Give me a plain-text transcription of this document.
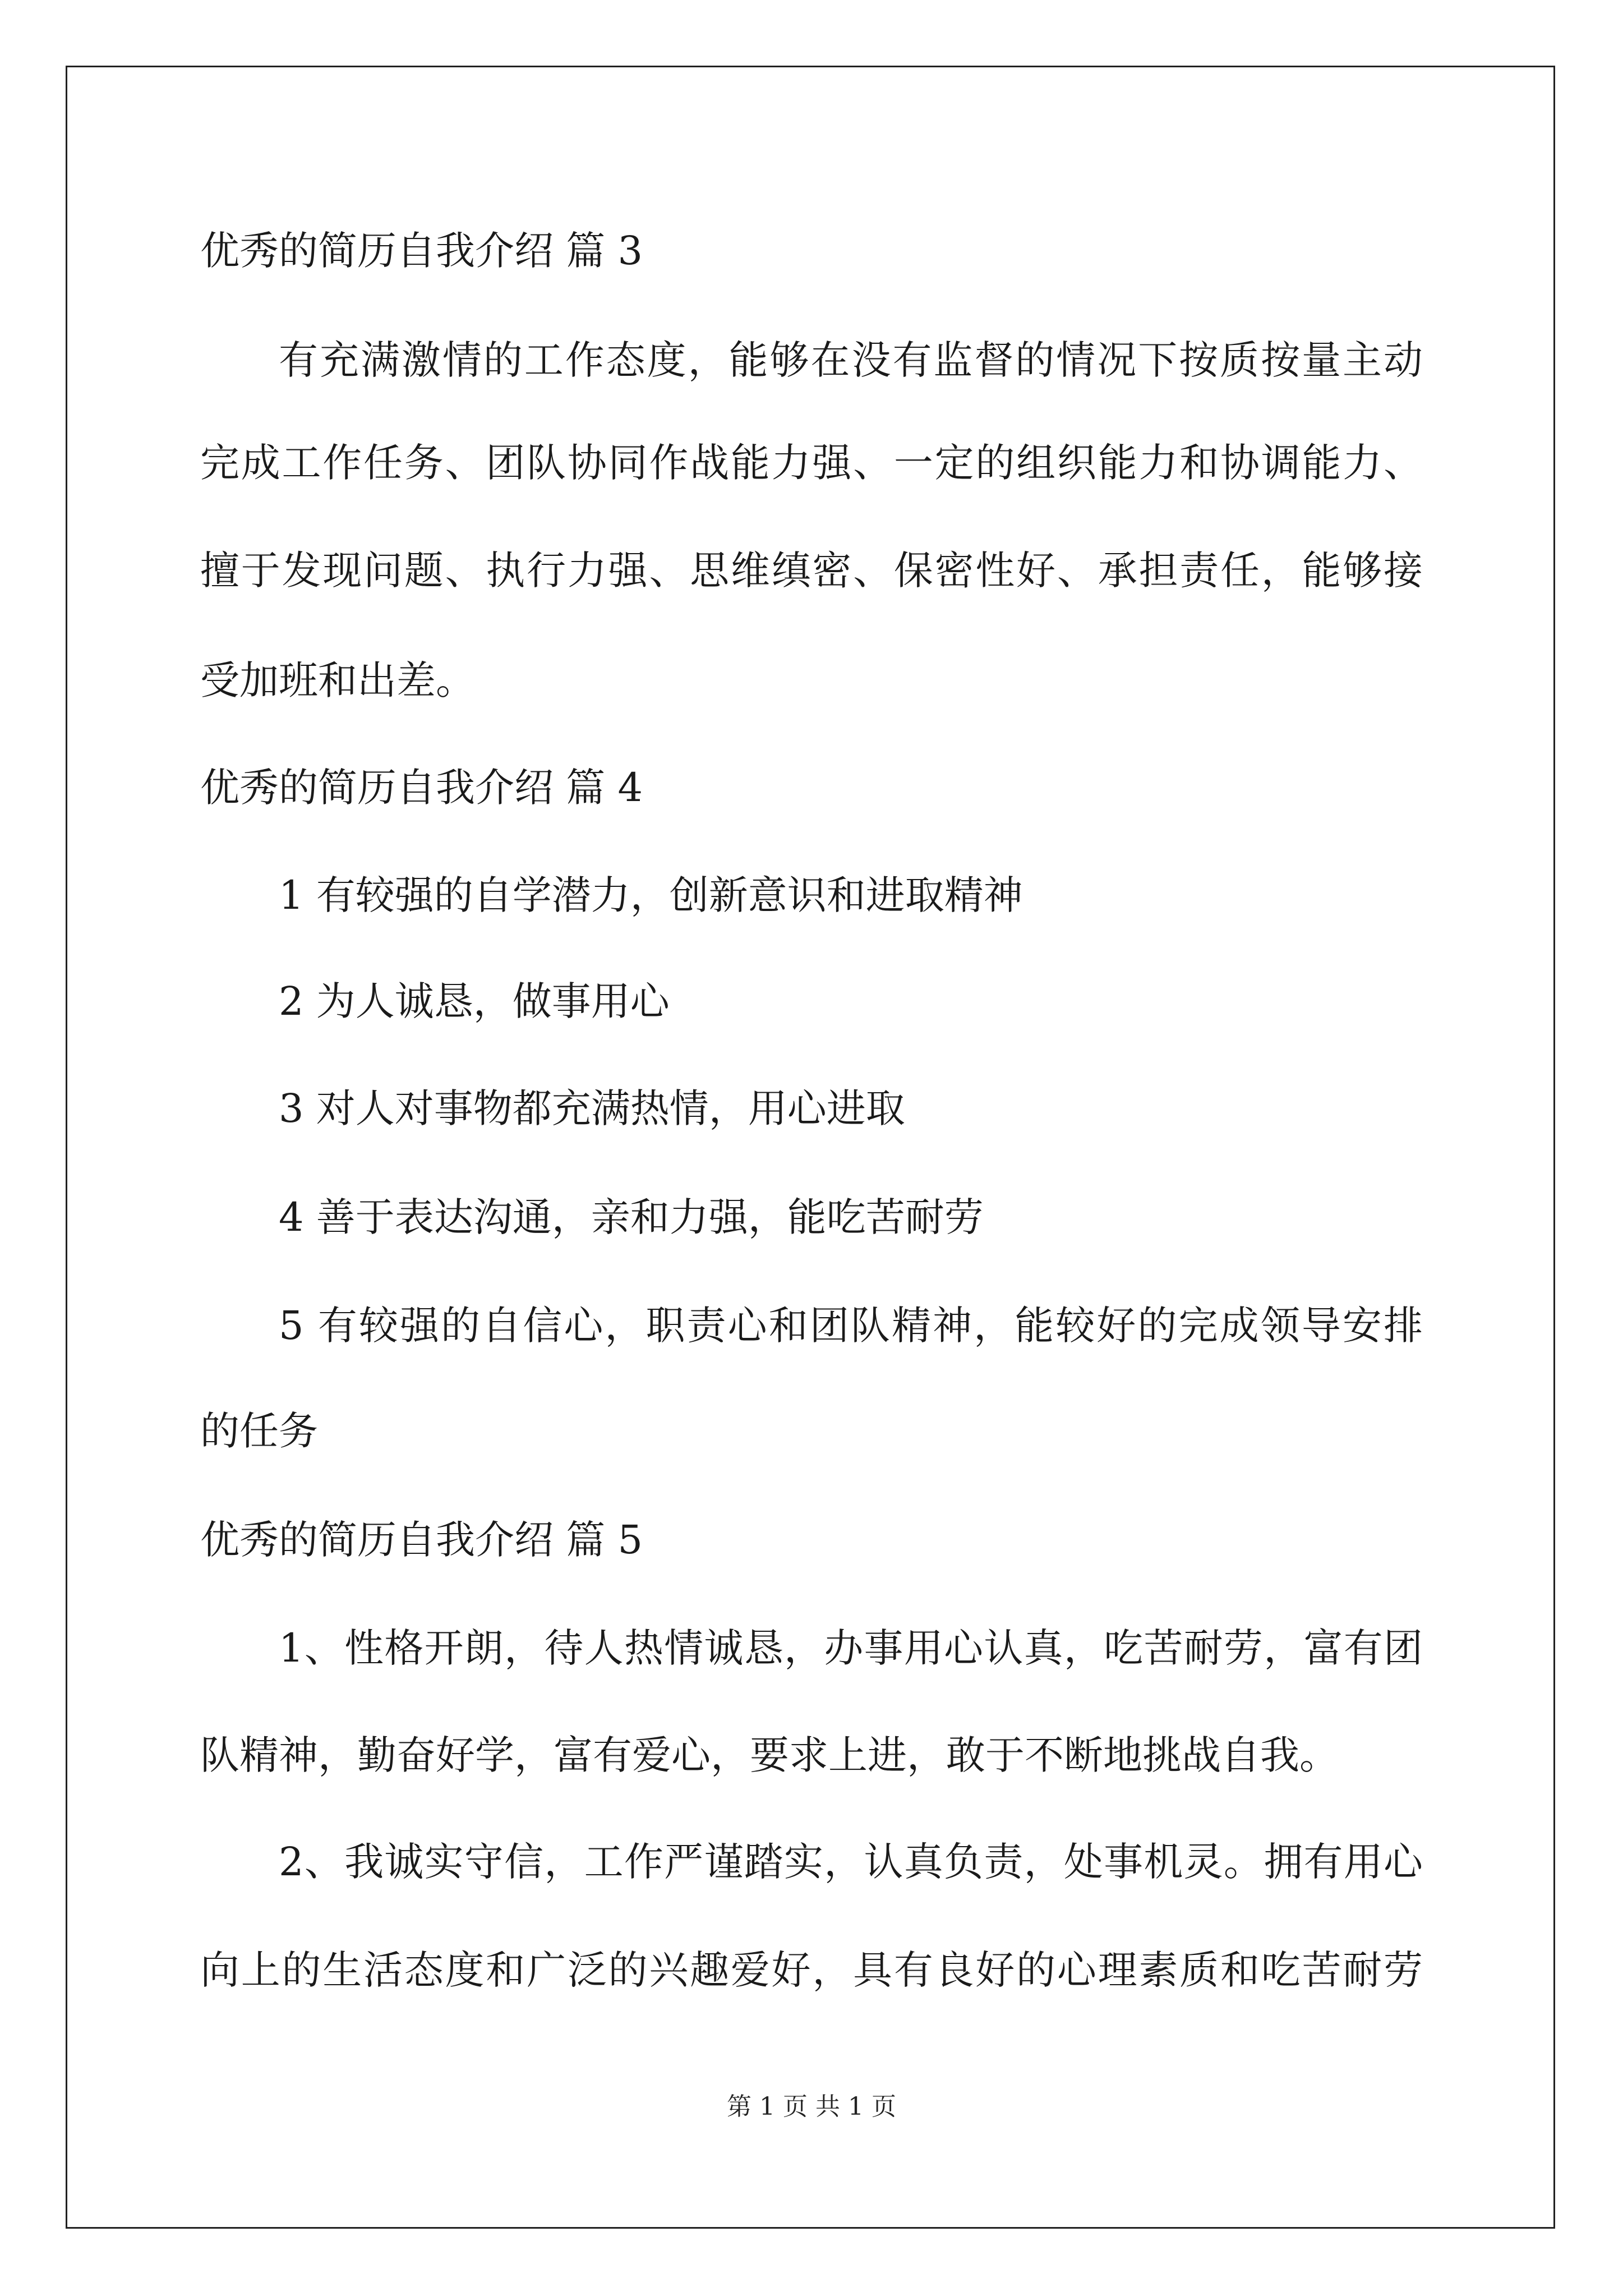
优秀的简历自我介绍 篇 3
有充满激情的工作态度，能够在没有监督的情况下按质按量主动
完成工作任务、团队协同作战能力强、一定的组织能力和协调能力、
擅于发现问题、执行力强、思维缜密、保密性好、承担责任，能够接
受加班和出差。
优秀的简历自我介绍 篇 4
1 有较强的自学潜力，创新意识和进取精神
2 为人诚恳，做事用心
3 对人对事物都充满热情，用心进取
4 善于表达沟通，亲和力强，能吃苦耐劳
5 有较强的自信心，职责心和团队精神，能较好的完成领导安排
的任务
优秀的简历自我介绍 篇 5
1、性格开朗，待人热情诚恳，办事用心认真，吃苦耐劳，富有团
队精神，勤奋好学，富有爱心，要求上进，敢于不断地挑战自我。
2、我诚实守信，工作严谨踏实，认真负责，处事机灵。拥有用心
向上的生活态度和广泛的兴趣爱好，具有良好的心理素质和吃苦耐劳
第 1 页 共 1 页
